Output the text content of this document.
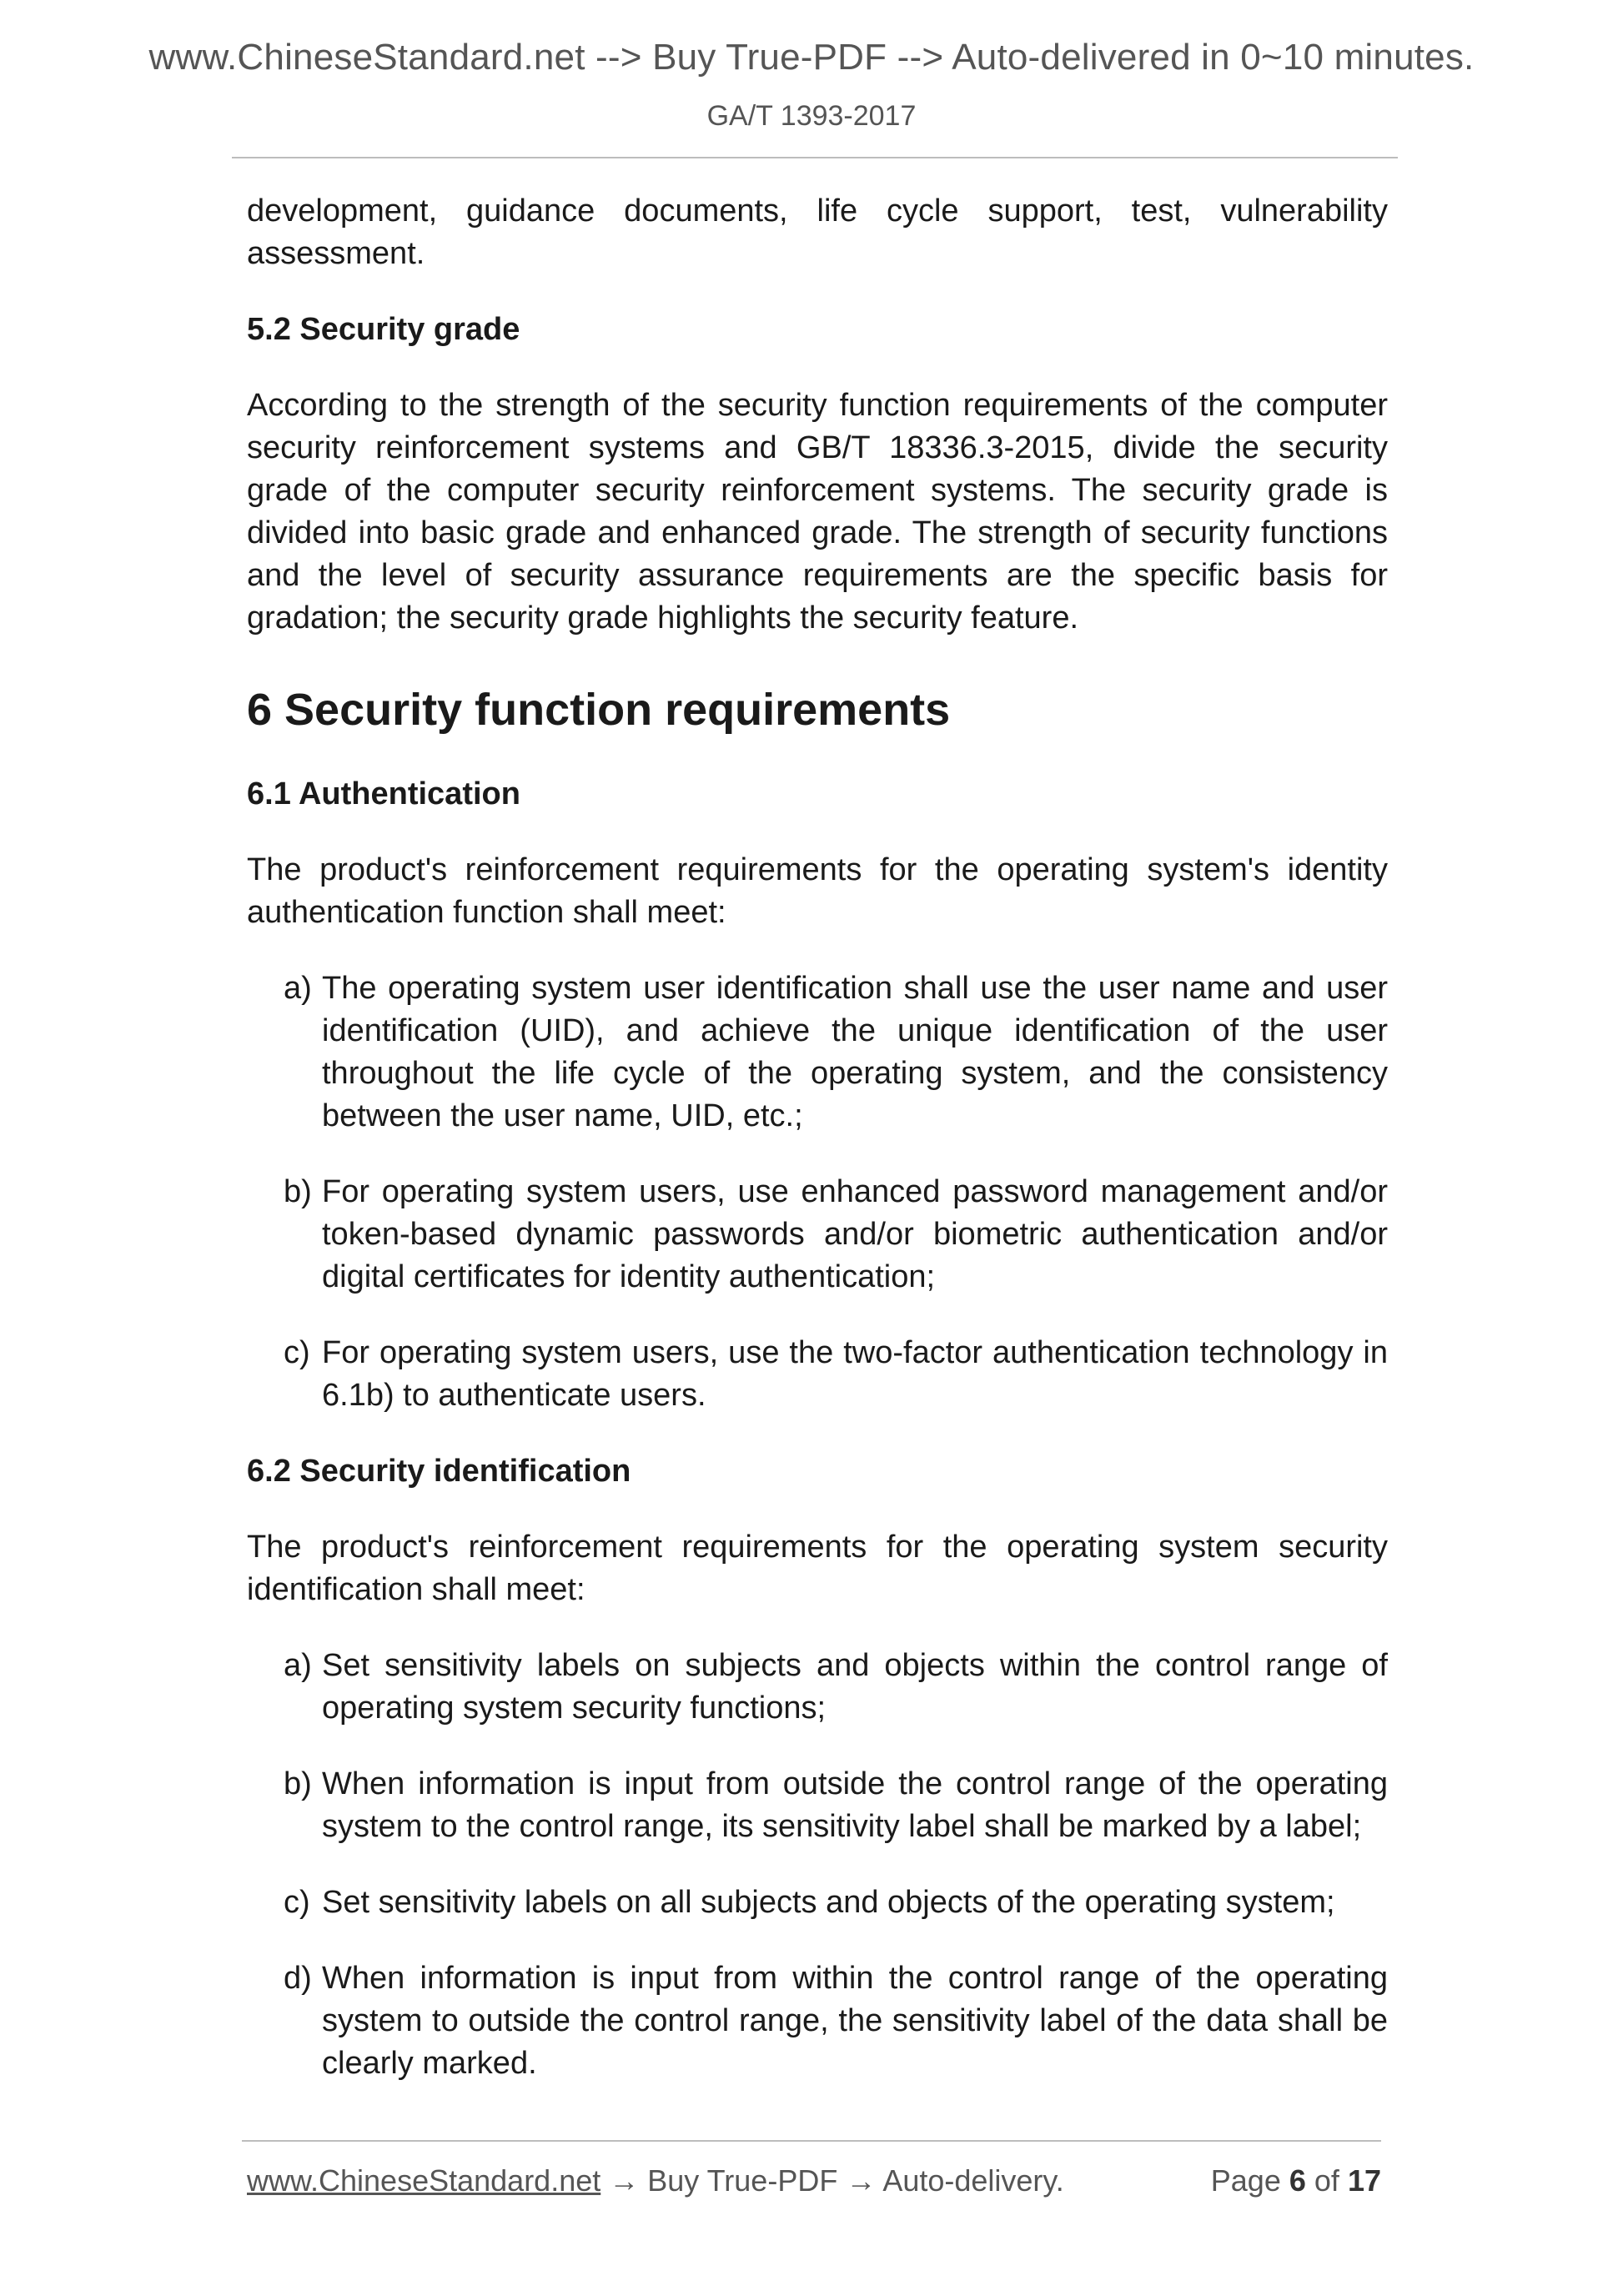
www.ChineseStandard.net --> Buy True-PDF --> Auto-delivered in 0~10 minutes.
GA/T 1393-2017

development, guidance documents, life cycle support, test, vulnerability assessment.

5.2 Security grade

According to the strength of the security function requirements of the computer security reinforcement systems and GB/T 18336.3-2015, divide the security grade of the computer security reinforcement systems. The security grade is divided into basic grade and enhanced grade. The strength of security functions and the level of security assurance requirements are the specific basis for gradation; the security grade highlights the security feature.

6 Security function requirements
6.1 Authentication

The product's reinforcement requirements for the operating system's identity authentication function shall meet:

a) The operating system user identification shall use the user name and user identification (UID), and achieve the unique identification of the user throughout the life cycle of the operating system, and the consistency between the user name, UID, etc.;
b) For operating system users, use enhanced password management and/or token-based dynamic passwords and/or biometric authentication and/or digital certificates for identity authentication;
c) For operating system users, use the two-factor authentication technology in 6.1b) to authenticate users.
6.2 Security identification

The product's reinforcement requirements for the operating system security identification shall meet:

a) Set sensitivity labels on subjects and objects within the control range of operating system security functions;
b) When information is input from outside the control range of the operating system to the control range, its sensitivity label shall be marked by a label;
c) Set sensitivity labels on all subjects and objects of the operating system;
d) When information is input from within the control range of the operating system to outside the control range, the sensitivity label of the data shall be clearly marked.
www.ChineseStandard.net → Buy True-PDF → Auto-delivery.	Page 6 of 17
